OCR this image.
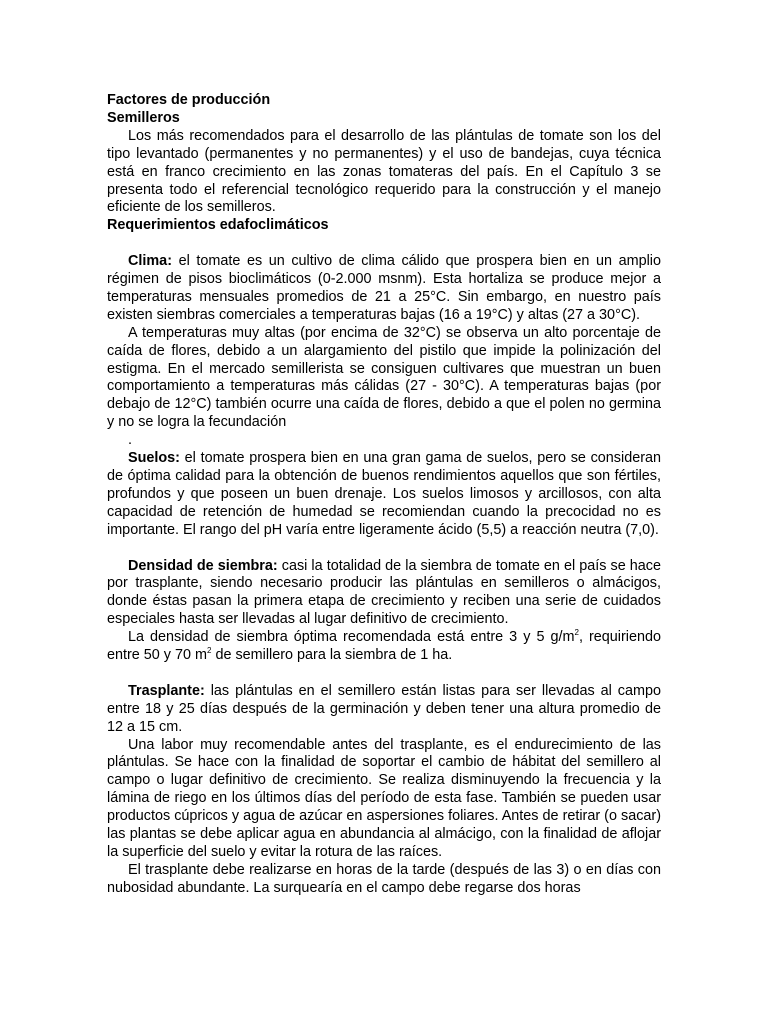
Factores de producción
Semilleros

Los más recomendados para el desarrollo de las plántulas de tomate son los del tipo levantado (permanentes y no permanentes) y el uso de bandejas, cuya técnica está en franco crecimiento en las zonas tomateras del país. En el Capítulo 3 se presenta todo el referencial tecnológico requerido para la construcción y el manejo eficiente de los semilleros.

Requerimientos edafoclimáticos

Clima: el tomate es un cultivo de clima cálido que prospera bien en un amplio régimen de pisos bioclimáticos (0-2.000 msnm). Esta hortaliza se produce mejor a temperaturas mensuales promedios de 21 a 25°C. Sin embargo, en nuestro país existen siembras comerciales a temperaturas bajas (16 a 19°C) y altas (27 a 30°C).

A temperaturas muy altas (por encima de 32°C) se observa un alto porcentaje de caída de flores, debido a un alargamiento del pistilo que impide la polinización del estigma. En el mercado semillerista se consiguen cultivares que muestran un buen comportamiento a temperaturas más cálidas (27 - 30°C). A temperaturas bajas (por debajo de 12°C) también ocurre una caída de flores, debido a que el polen no germina y no se logra la fecundación

.

Suelos: el tomate prospera bien en una gran gama de suelos, pero se consideran de óptima calidad para la obtención de buenos rendimientos aquellos que son fértiles, profundos y que poseen un buen drenaje. Los suelos limosos y arcillosos, con alta capacidad de retención de humedad se recomiendan cuando la precocidad no es importante. El rango del pH varía entre ligeramente ácido (5,5) a reacción neutra (7,0).

Densidad de siembra: casi la totalidad de la siembra de tomate en el país se hace por trasplante, siendo necesario producir las plántulas en semilleros o almácigos, donde éstas pasan la primera etapa de crecimiento y reciben una serie de cuidados especiales hasta ser llevadas al lugar definitivo de crecimiento.

La densidad de siembra óptima recomendada está entre 3 y 5 $g/m^2$, requiriendo entre 50 y 70 $m^2$ de semillero para la siembra de 1 ha.

Trasplante: las plántulas en el semillero están listas para ser llevadas al campo entre 18 y 25 días después de la germinación y deben tener una altura promedio de 12 a 15 cm.

Una labor muy recomendable antes del trasplante, es el endurecimiento de las plántulas. Se hace con la finalidad de soportar el cambio de hábitat del semillero al campo o lugar definitivo de crecimiento. Se realiza disminuyendo la frecuencia y la lámina de riego en los últimos días del período de esta fase. También se pueden usar productos cúpricos y agua de azúcar en aspersiones foliares. Antes de retirar (o sacar) las plantas se debe aplicar agua en abundancia al almácigo, con la finalidad de aflojar la superficie del suelo y evitar la rotura de las raíces.

El trasplante debe realizarse en horas de la tarde (después de las 3) o en días con nubosidad abundante. La surquearía en el campo debe regarse dos horas
